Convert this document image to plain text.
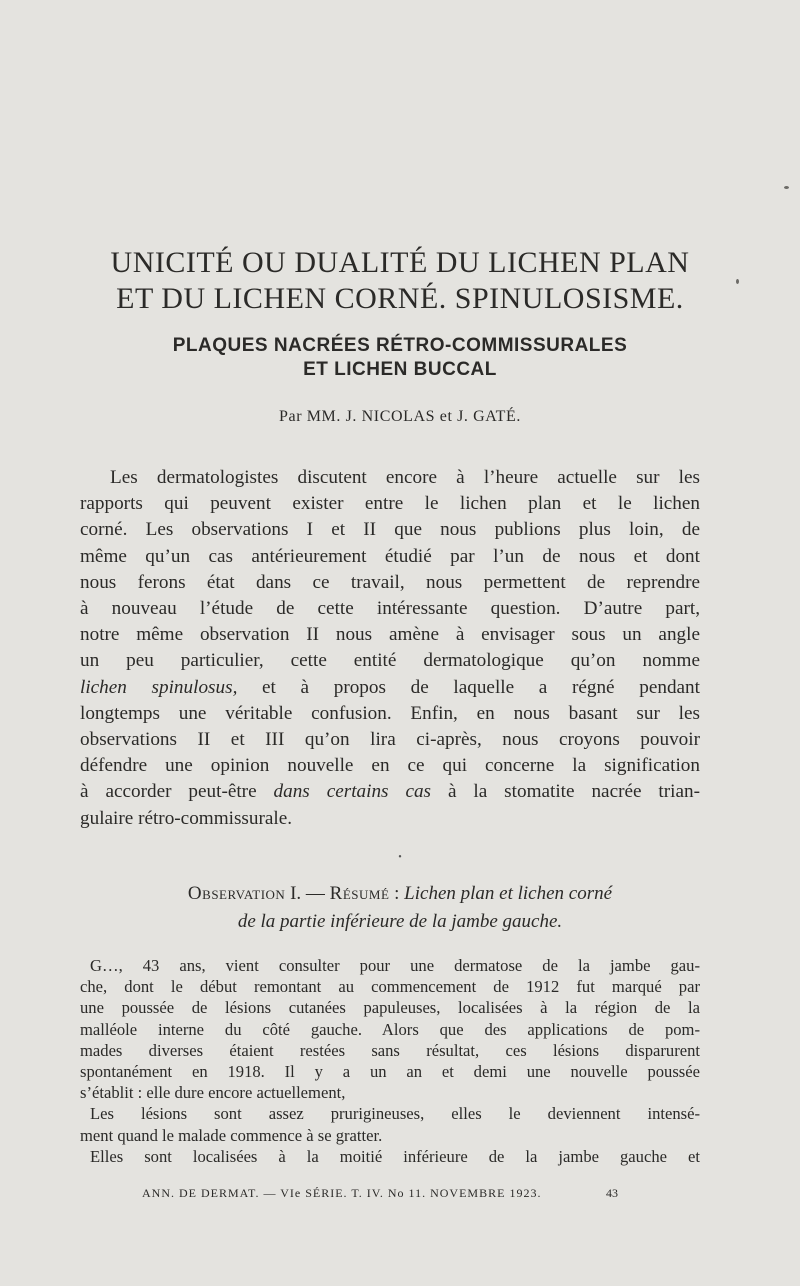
UNICITÉ OU DUALITÉ DU LICHEN PLAN
ET DU LICHEN CORNÉ. SPINULOSISME.
PLAQUES NACRÉES RÉTRO-COMMISSURALES
ET LICHEN BUCCAL
Par MM. J. NICOLAS et J. GATÉ.
Les dermatologistes discutent encore à l’heure actuelle sur les
rapports qui peuvent exister entre le lichen plan et le lichen
corné. Les observations I et II que nous publions plus loin, de
même qu’un cas antérieurement étudié par l’un de nous et dont
nous ferons état dans ce travail, nous permettent de reprendre
à nouveau l’étude de cette intéressante question. D’autre part,
notre même observation II nous amène à envisager sous un angle
un peu particulier, cette entité dermatologique qu’on nomme
lichen spinulosus, et à propos de laquelle a régné pendant
longtemps une véritable confusion. Enfin, en nous basant sur les
observations II et III qu’on lira ci-après, nous croyons pouvoir
défendre une opinion nouvelle en ce qui concerne la signification
à accorder peut-être dans certains cas à la stomatite nacrée trian-
gulaire rétro-commissurale.
•
Observation I. — Résumé : Lichen plan et lichen corné
de la partie inférieure de la jambe gauche.
G…, 43 ans, vient consulter pour une dermatose de la jambe gau-
che, dont le début remontant au commencement de 1912 fut marqué par
une poussée de lésions cutanées papuleuses, localisées à la région de la
malléole interne du côté gauche. Alors que des applications de pom-
mades diverses étaient restées sans résultat, ces lésions disparurent
spontanément en 1918. Il y a un an et demi une nouvelle poussée
s’établit : elle dure encore actuellement,
Les lésions sont assez prurigineuses, elles le deviennent intensé-
ment quand le malade commence à se gratter.
Elles sont localisées à la moitié inférieure de la jambe gauche et
ANN. DE DERMAT. — VIe SÉRIE. T. IV. No 11. NOVEMBRE 1923.	43
